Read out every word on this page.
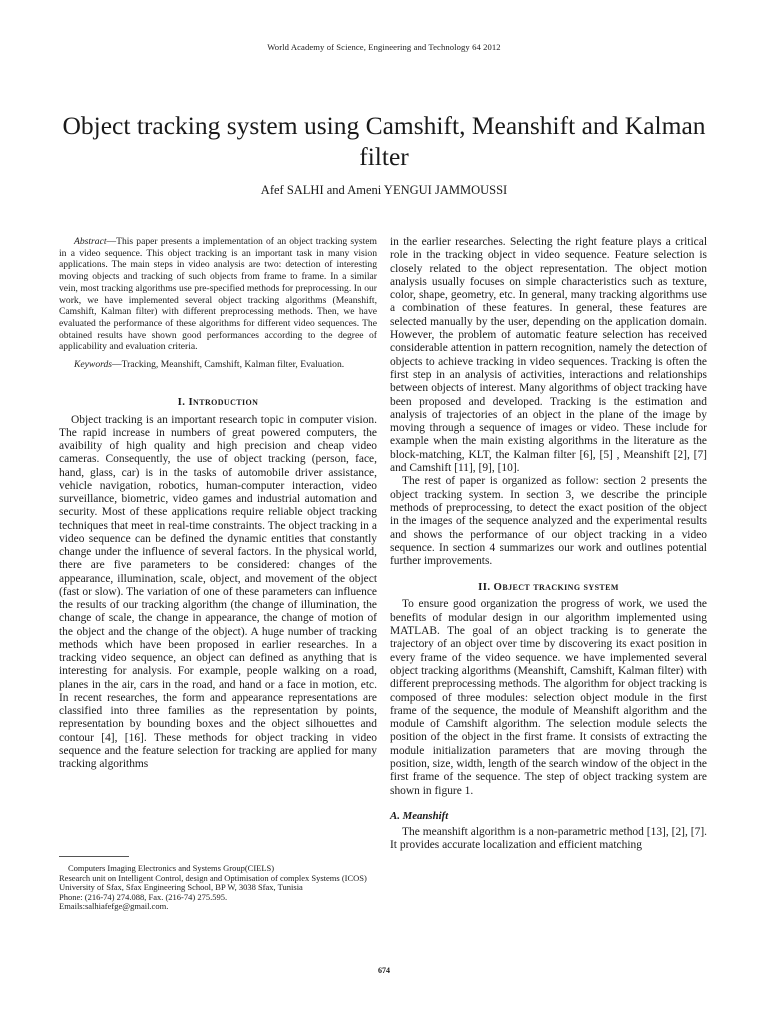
World Academy of Science, Engineering and Technology 64 2012
Object tracking system using Camshift, Meanshift and Kalman filter
Afef SALHI and Ameni YENGUI JAMMOUSSI

Abstract—This paper presents a implementation of an object tracking system in a video sequence. This object tracking is an important task in many vision applications. The main steps in video analysis are two: detection of interesting moving objects and tracking of such objects from frame to frame. In a similar vein, most tracking algorithms use pre-specified methods for preprocessing. In our work, we have implemented several object tracking algorithms (Meanshift, Camshift, Kalman filter) with different preprocessing methods. Then, we have evaluated the performance of these algorithms for different video sequences. The obtained results have shown good performances according to the degree of applicability and evaluation criteria.

Keywords—Tracking, Meanshift, Camshift, Kalman filter, Evaluation.

I. Introduction

Object tracking is an important research topic in computer vision. The rapid increase in numbers of great powered computers, the avaibility of high quality and high precision and cheap video cameras. Consequently, the use of object tracking (person, face, hand, glass, car) is in the tasks of automobile driver assistance, vehicle navigation, robotics, human-computer interaction, video surveillance, biometric, video games and industrial automation and security. Most of these applications require reliable object tracking techniques that meet in real-time constraints. The object tracking in a video sequence can be defined the dynamic entities that constantly change under the influence of several factors. In the physical world, there are five parameters to be considered: changes of the appearance, illumination, scale, object, and movement of the object (fast or slow). The variation of one of these parameters can influence the results of our tracking algorithm (the change of illumination, the change of scale, the change in appearance, the change of motion of the object and the change of the object). A huge number of tracking methods which have been proposed in earlier researches. In a tracking video sequence, an object can defined as anything that is interesting for analysis. For example, people walking on a road, planes in the air, cars in the road, and hand or a face in motion, etc. In recent researches, the form and appearance representations are classified into three families as the representation by points, representation by bounding boxes and the object silhouettes and contour [4], [16]. These methods for object tracking in video sequence and the feature selection for tracking are applied for many tracking algorithms

Computers Imaging Electronics and Systems Group(CIELS)
Research unit on Intelligent Control, design and Optimisation of complex Systems (ICOS)
University of Sfax, Sfax Engineering School, BP W, 3038 Sfax, Tunisia
Phone: (216-74) 274.088, Fax. (216-74) 275.595.
Emails:salhiafefge@gmail.com.

in the earlier researches. Selecting the right feature plays a critical role in the tracking object in video sequence. Feature selection is closely related to the object representation. The object motion analysis usually focuses on simple characteristics such as texture, color, shape, geometry, etc. In general, many tracking algorithms use a combination of these features. In general, these features are selected manually by the user, depending on the application domain. However, the problem of automatic feature selection has received considerable attention in pattern recognition, namely the detection of objects to achieve tracking in video sequences. Tracking is often the first step in an analysis of activities, interactions and relationships between objects of interest. Many algorithms of object tracking have been proposed and developed. Tracking is the estimation and analysis of trajectories of an object in the plane of the image by moving through a sequence of images or video. These include for example when the main existing algorithms in the literature as the block-matching, KLT, the Kalman filter [6], [5] , Meanshift [2], [7] and Camshift [11], [9], [10].

The rest of paper is organized as follow: section 2 presents the object tracking system. In section 3, we describe the principle methods of preprocessing, to detect the exact position of the object in the images of the sequence analyzed and the experimental results and shows the performance of our object tracking in a video sequence. In section 4 summarizes our work and outlines potential further improvements.

II. Object tracking system

To ensure good organization the progress of work, we used the benefits of modular design in our algorithm implemented using MATLAB. The goal of an object tracking is to generate the trajectory of an object over time by discovering its exact position in every frame of the video sequence. we have implemented several object tracking algorithms (Meanshift, Camshift, Kalman filter) with different preprocessing methods. The algorithm for object tracking is composed of three modules: selection object module in the first frame of the sequence, the module of Meanshift algorithm and the module of Camshift algorithm. The selection module selects the position of the object in the first frame. It consists of extracting the module initialization parameters that are moving through the position, size, width, length of the search window of the object in the first frame of the sequence. The step of object tracking system are shown in figure 1.

A. Meanshift

The meanshift algorithm is a non-parametric method [13], [2], [7]. It provides accurate localization and efficient matching

674
